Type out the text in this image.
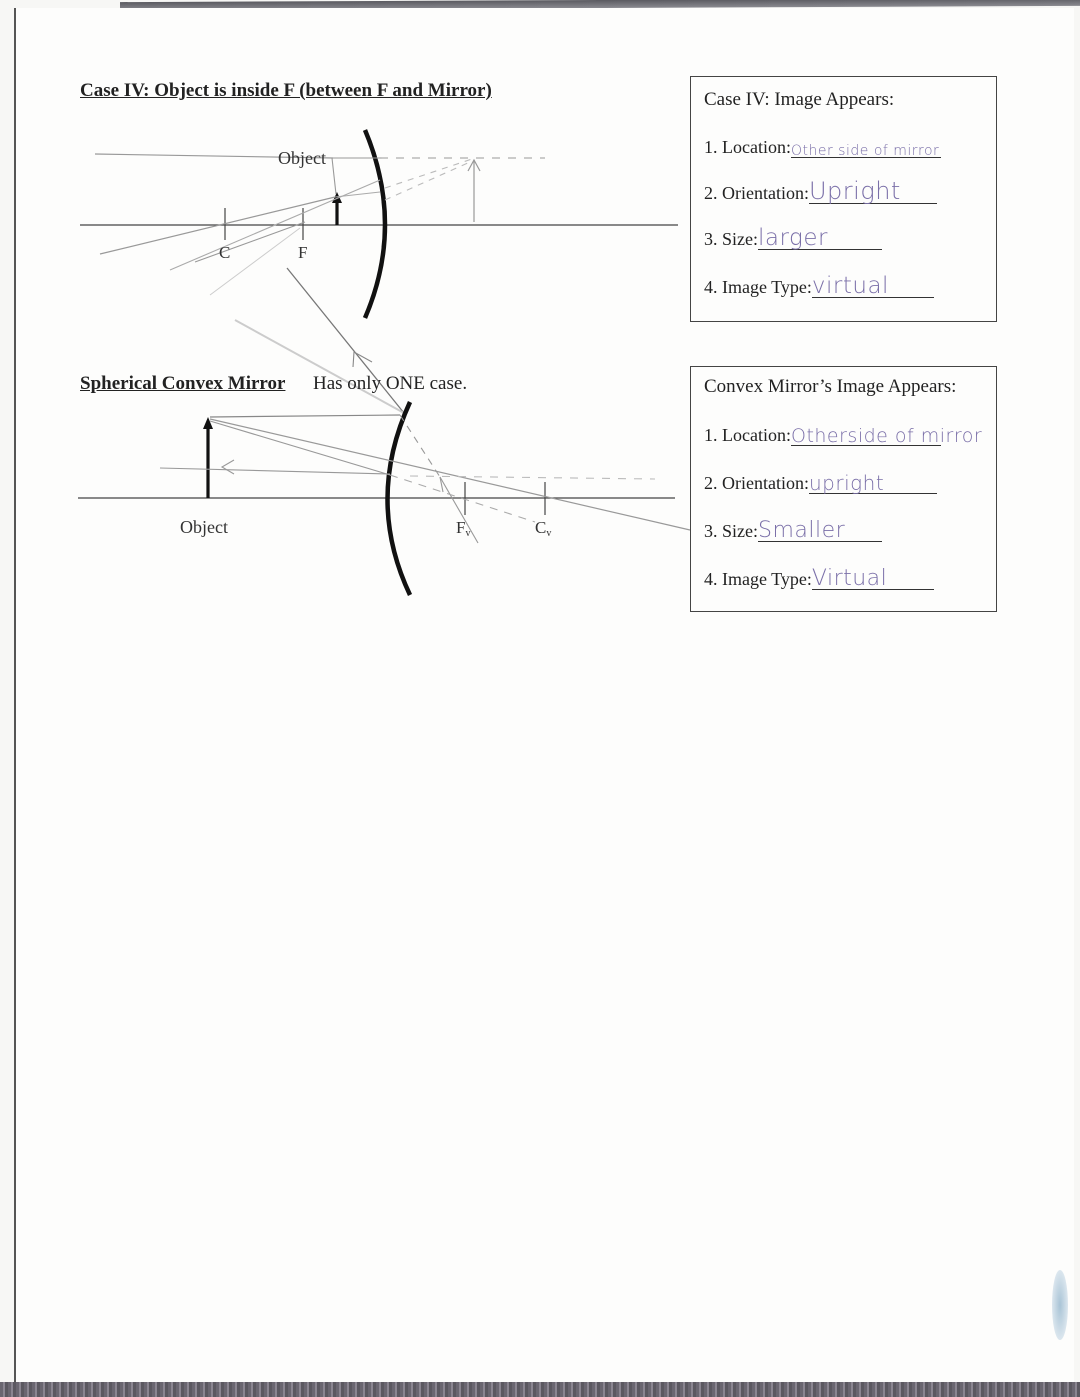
Case IV: Object is inside F (between F and Mirror)
Object
C	F
Object	Fv	Cv
Spherical Convex Mirror Has only ONE case.
Case IV: Image Appears:
1. Location: Other side of mirror
2. Orientation: Upright
3. Size: larger
4. Image Type: virtual
Convex Mirror’s Image Appears:
1. Location: Otherside of mirror
2. Orientation: upright
3. Size: Smaller
4. Image Type: Virtual
